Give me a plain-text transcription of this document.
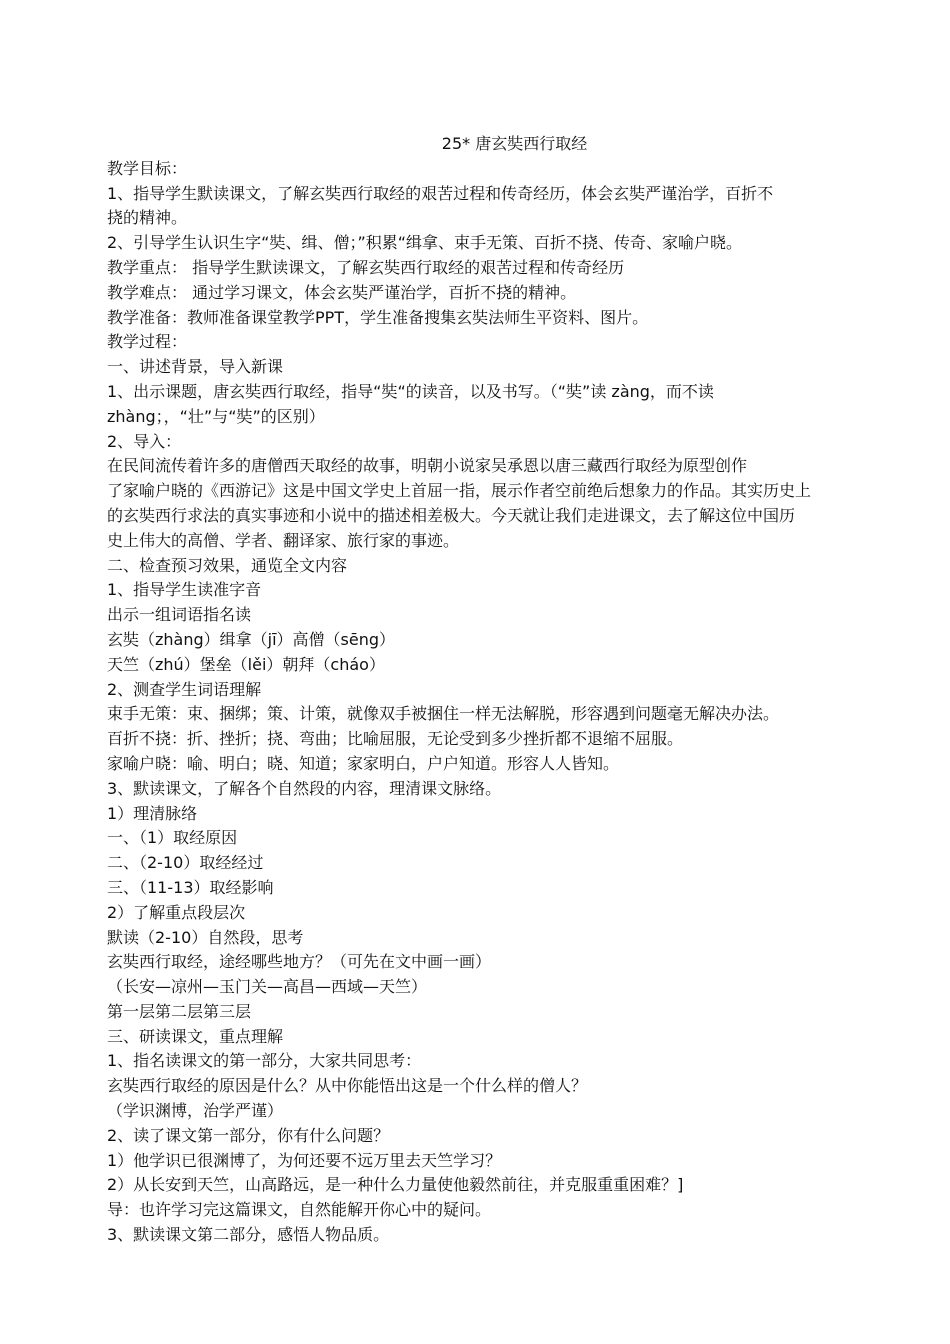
25* 唐玄奘西行取经

教学目标：

1、指导学生默读课文，了解玄奘西行取经的艰苦过程和传奇经历，体会玄奘严谨治学，百折不

挠的精神。

2、引导学生认识生字“奘、缉、僧；”积累“缉拿、束手无策、百折不挠、传奇、家喻户晓。

教学重点： 指导学生默读课文，了解玄奘西行取经的艰苦过程和传奇经历

教学难点： 通过学习课文，体会玄奘严谨治学，百折不挠的精神。

教学准备：教师准备课堂教学PPT，学生准备搜集玄奘法师生平资料、图片。

教学过程：

一、讲述背景，导入新课

1、出示课题，唐玄奘西行取经，指导“奘“的读音，以及书写。（“奘”读 zàng，而不读

zhàng；，“壮”与“奘”的区别）

2、导入：

在民间流传着许多的唐僧西天取经的故事，明朝小说家吴承恩以唐三藏西行取经为原型创作

了家喻户晓的《西游记》这是中国文学史上首屈一指，展示作者空前绝后想象力的作品。其实历史上

的玄奘西行求法的真实事迹和小说中的描述相差极大。今天就让我们走进课文，去了解这位中国历

史上伟大的高僧、学者、翻译家、旅行家的事迹。

二、检查预习效果，通览全文内容

1、指导学生读准字音

出示一组词语指名读

玄奘（zhàng）缉拿（jī）高僧（sēng）

天竺（zhú）堡垒（lěi）朝拜（cháo）

2、测查学生词语理解

束手无策：束、捆绑；策、计策，就像双手被捆住一样无法解脱，形容遇到问题毫无解决办法。

百折不挠：折、挫折；挠、弯曲；比喻屈服，无论受到多少挫折都不退缩不屈服。

家喻户晓：喻、明白；晓、知道；家家明白，户户知道。形容人人皆知。

3、默读课文，了解各个自然段的内容，理清课文脉络。

1）理清脉络

一、（1）取经原因

二、（2-10）取经经过

三、（11-13）取经影响

2）了解重点段层次

默读（2-10）自然段，思考

玄奘西行取经，途经哪些地方？（可先在文中画一画）

（长安—凉州—玉门关—高昌—西域—天竺）

第一层第二层第三层

三、研读课文，重点理解

1、指名读课文的第一部分，大家共同思考：

玄奘西行取经的原因是什么？从中你能悟出这是一个什么样的僧人？

（学识渊博，治学严谨）

2、读了课文第一部分，你有什么问题？

1）他学识已很渊博了，为何还要不远万里去天竺学习？

2）从长安到天竺，山高路远，是一种什么力量使他毅然前往，并克服重重困难？]

导：也许学习完这篇课文，自然能解开你心中的疑问。

3、默读课文第二部分，感悟人物品质。
